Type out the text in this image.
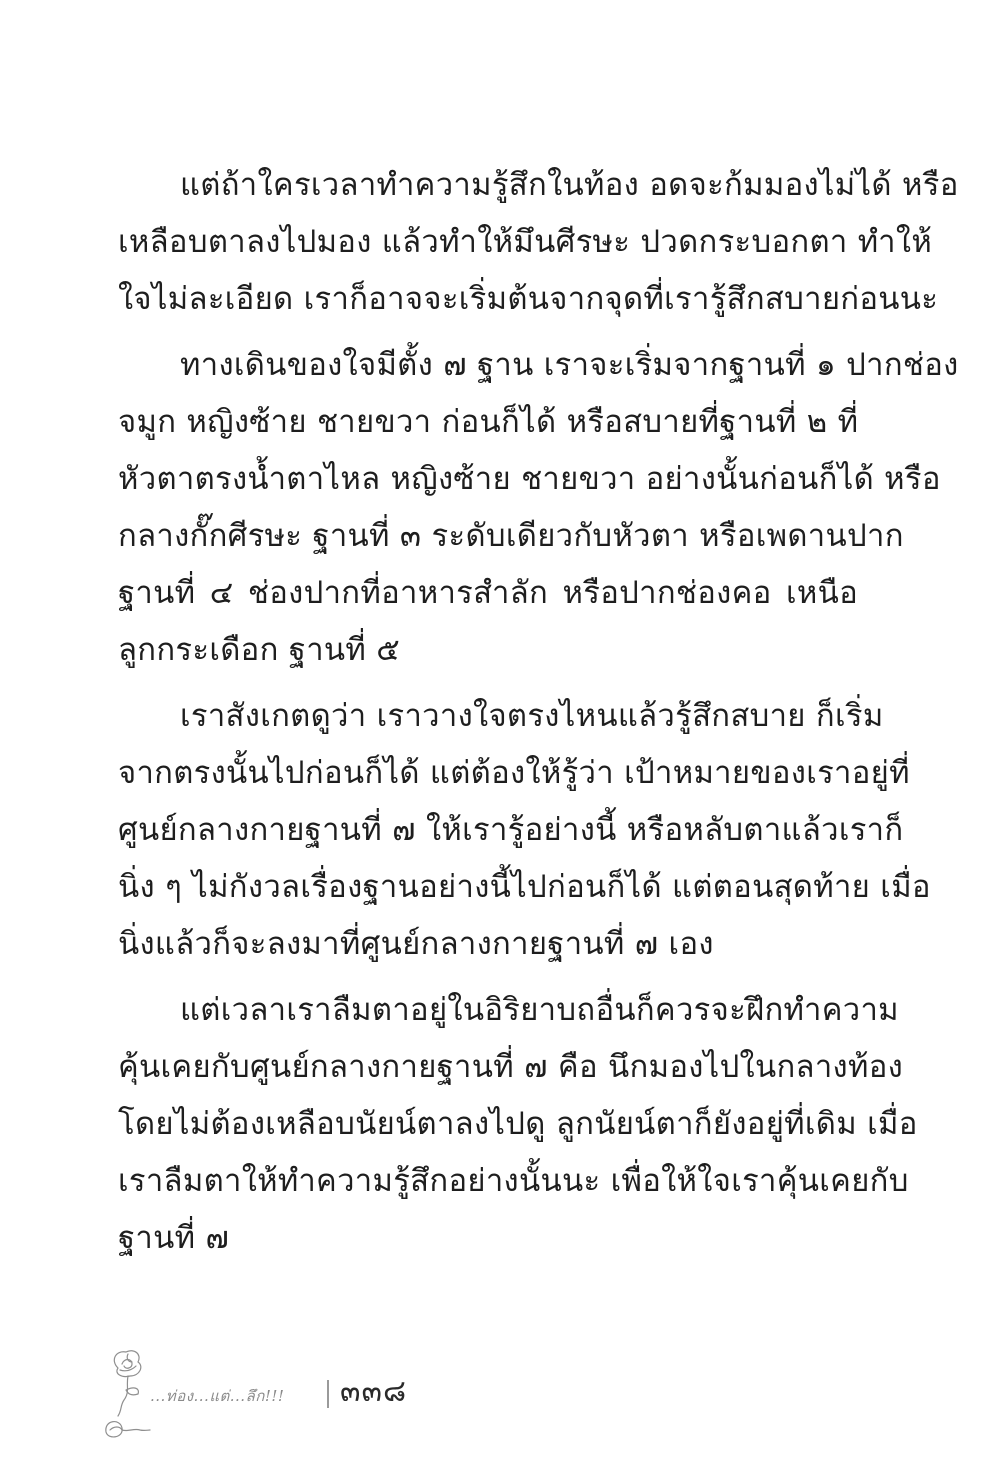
แต่ถ้าใครเวลาทำความรู้สึกในท้อง อดจะก้มมองไม่ได้ หรือ
เหลือบตาลงไปมอง แล้วทำให้มึนศีรษะ ปวดกระบอกตา ทำให้
ใจไม่ละเอียด เราก็อาจจะเริ่มต้นจากจุดที่เรารู้สึกสบายก่อนนะ
ทางเดินของใจมีตั้ง ๗ ฐาน เราจะเริ่มจากฐานที่ ๑ ปากช่อง
จมูก หญิงซ้าย ชายขวา ก่อนก็ได้ หรือสบายที่ฐานที่ ๒ ที่
หัวตาตรงน้ำตาไหล หญิงซ้าย ชายขวา อย่างนั้นก่อนก็ได้ หรือ
กลางกั๊กศีรษะ ฐานที่ ๓ ระดับเดียวกับหัวตา หรือเพดานปาก
ฐานที่ ๔ ช่องปากที่อาหารสำลัก หรือปากช่องคอ เหนือ
ลูกกระเดือก ฐานที่ ๕
เราสังเกตดูว่า เราวางใจตรงไหนแล้วรู้สึกสบาย ก็เริ่ม
จากตรงนั้นไปก่อนก็ได้ แต่ต้องให้รู้ว่า เป้าหมายของเราอยู่ที่
ศูนย์กลางกายฐานที่ ๗ ให้เรารู้อย่างนี้ หรือหลับตาแล้วเราก็
นิ่ง ๆ ไม่กังวลเรื่องฐานอย่างนี้ไปก่อนก็ได้ แต่ตอนสุดท้าย เมื่อ
นิ่งแล้วก็จะลงมาที่ศูนย์กลางกายฐานที่ ๗ เอง
แต่เวลาเราลืมตาอยู่ในอิริยาบถอื่นก็ควรจะฝึกทำความ
คุ้นเคยกับศูนย์กลางกายฐานที่ ๗ คือ นึกมองไปในกลางท้อง
โดยไม่ต้องเหลือบนัยน์ตาลงไปดู ลูกนัยน์ตาก็ยังอยู่ที่เดิม เมื่อ
เราลืมตาให้ทำความรู้สึกอย่างนั้นนะ เพื่อให้ใจเราคุ้นเคยกับ
ฐานที่ ๗
...ท่อง...แต่...ลึก!!! ๓๓๘
